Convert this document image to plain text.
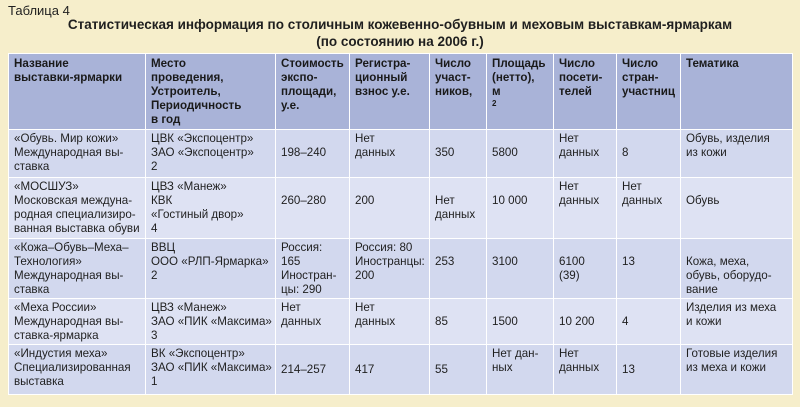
Таблица 4
Статистическая информация по столичным кожевенно-обувным и меховым выставкам-ярмаркам
(по состоянию на 2006 г.)
Название
выставки-ярмарки	Место
проведения,
Устроитель,
Периодичность
в год	Стоимость
экспо-
площади,
у.е.	Регистра-
ционный
взнос у.е.	Число
участ-
ников,	Площадь
(нетто),
м
$^2$	Число
посети-
телей	Число
стран-
участниц	Тематика

«Обувь. Мир кожи»
Международная вы-
ставка	ЦВК «Экспоцентр»
ЗАО «Экспоцентр»
2	198–240	Нет
данных	350	5800	Нет
данных	8	Обувь, изделия
из кожи

«МОСШУЗ»
Московская междуна-
родная специализиро-
ванная выставка обуви	ЦВЗ «Манеж»
КВК
«Гостиный двор»
4	260–280	200	Нет
данных	10 000	Нет
данных	Нет
данных	Обувь

«Кожа–Обувь–Меха–
Технология»
Международная вы-
ставка	ВВЦ
ООО «РЛП-Ярмарка»
2	Россия:
165
Иностран-
цы: 290	Россия: 80
Иностранцы:
200	253	3100	6100
(39)	13	Кожа, меха,
обувь, оборудо-
вание

«Меха России»
Международная вы-
ставка-ярмарка	ЦВЗ «Манеж»
ЗАО «ПИК «Максима»
3	Нет
данных	Нет
данных	85	1500	10 200	4	Изделия из меха
и кожи

«Индустия меха»
Специализированная
выставка	ВК «Экспоцентр»
ЗАО «ПИК «Максима»
1	214–257	417	55	Нет дан-
ных	Нет
данных	13	Готовые изделия
из меха и кожи
